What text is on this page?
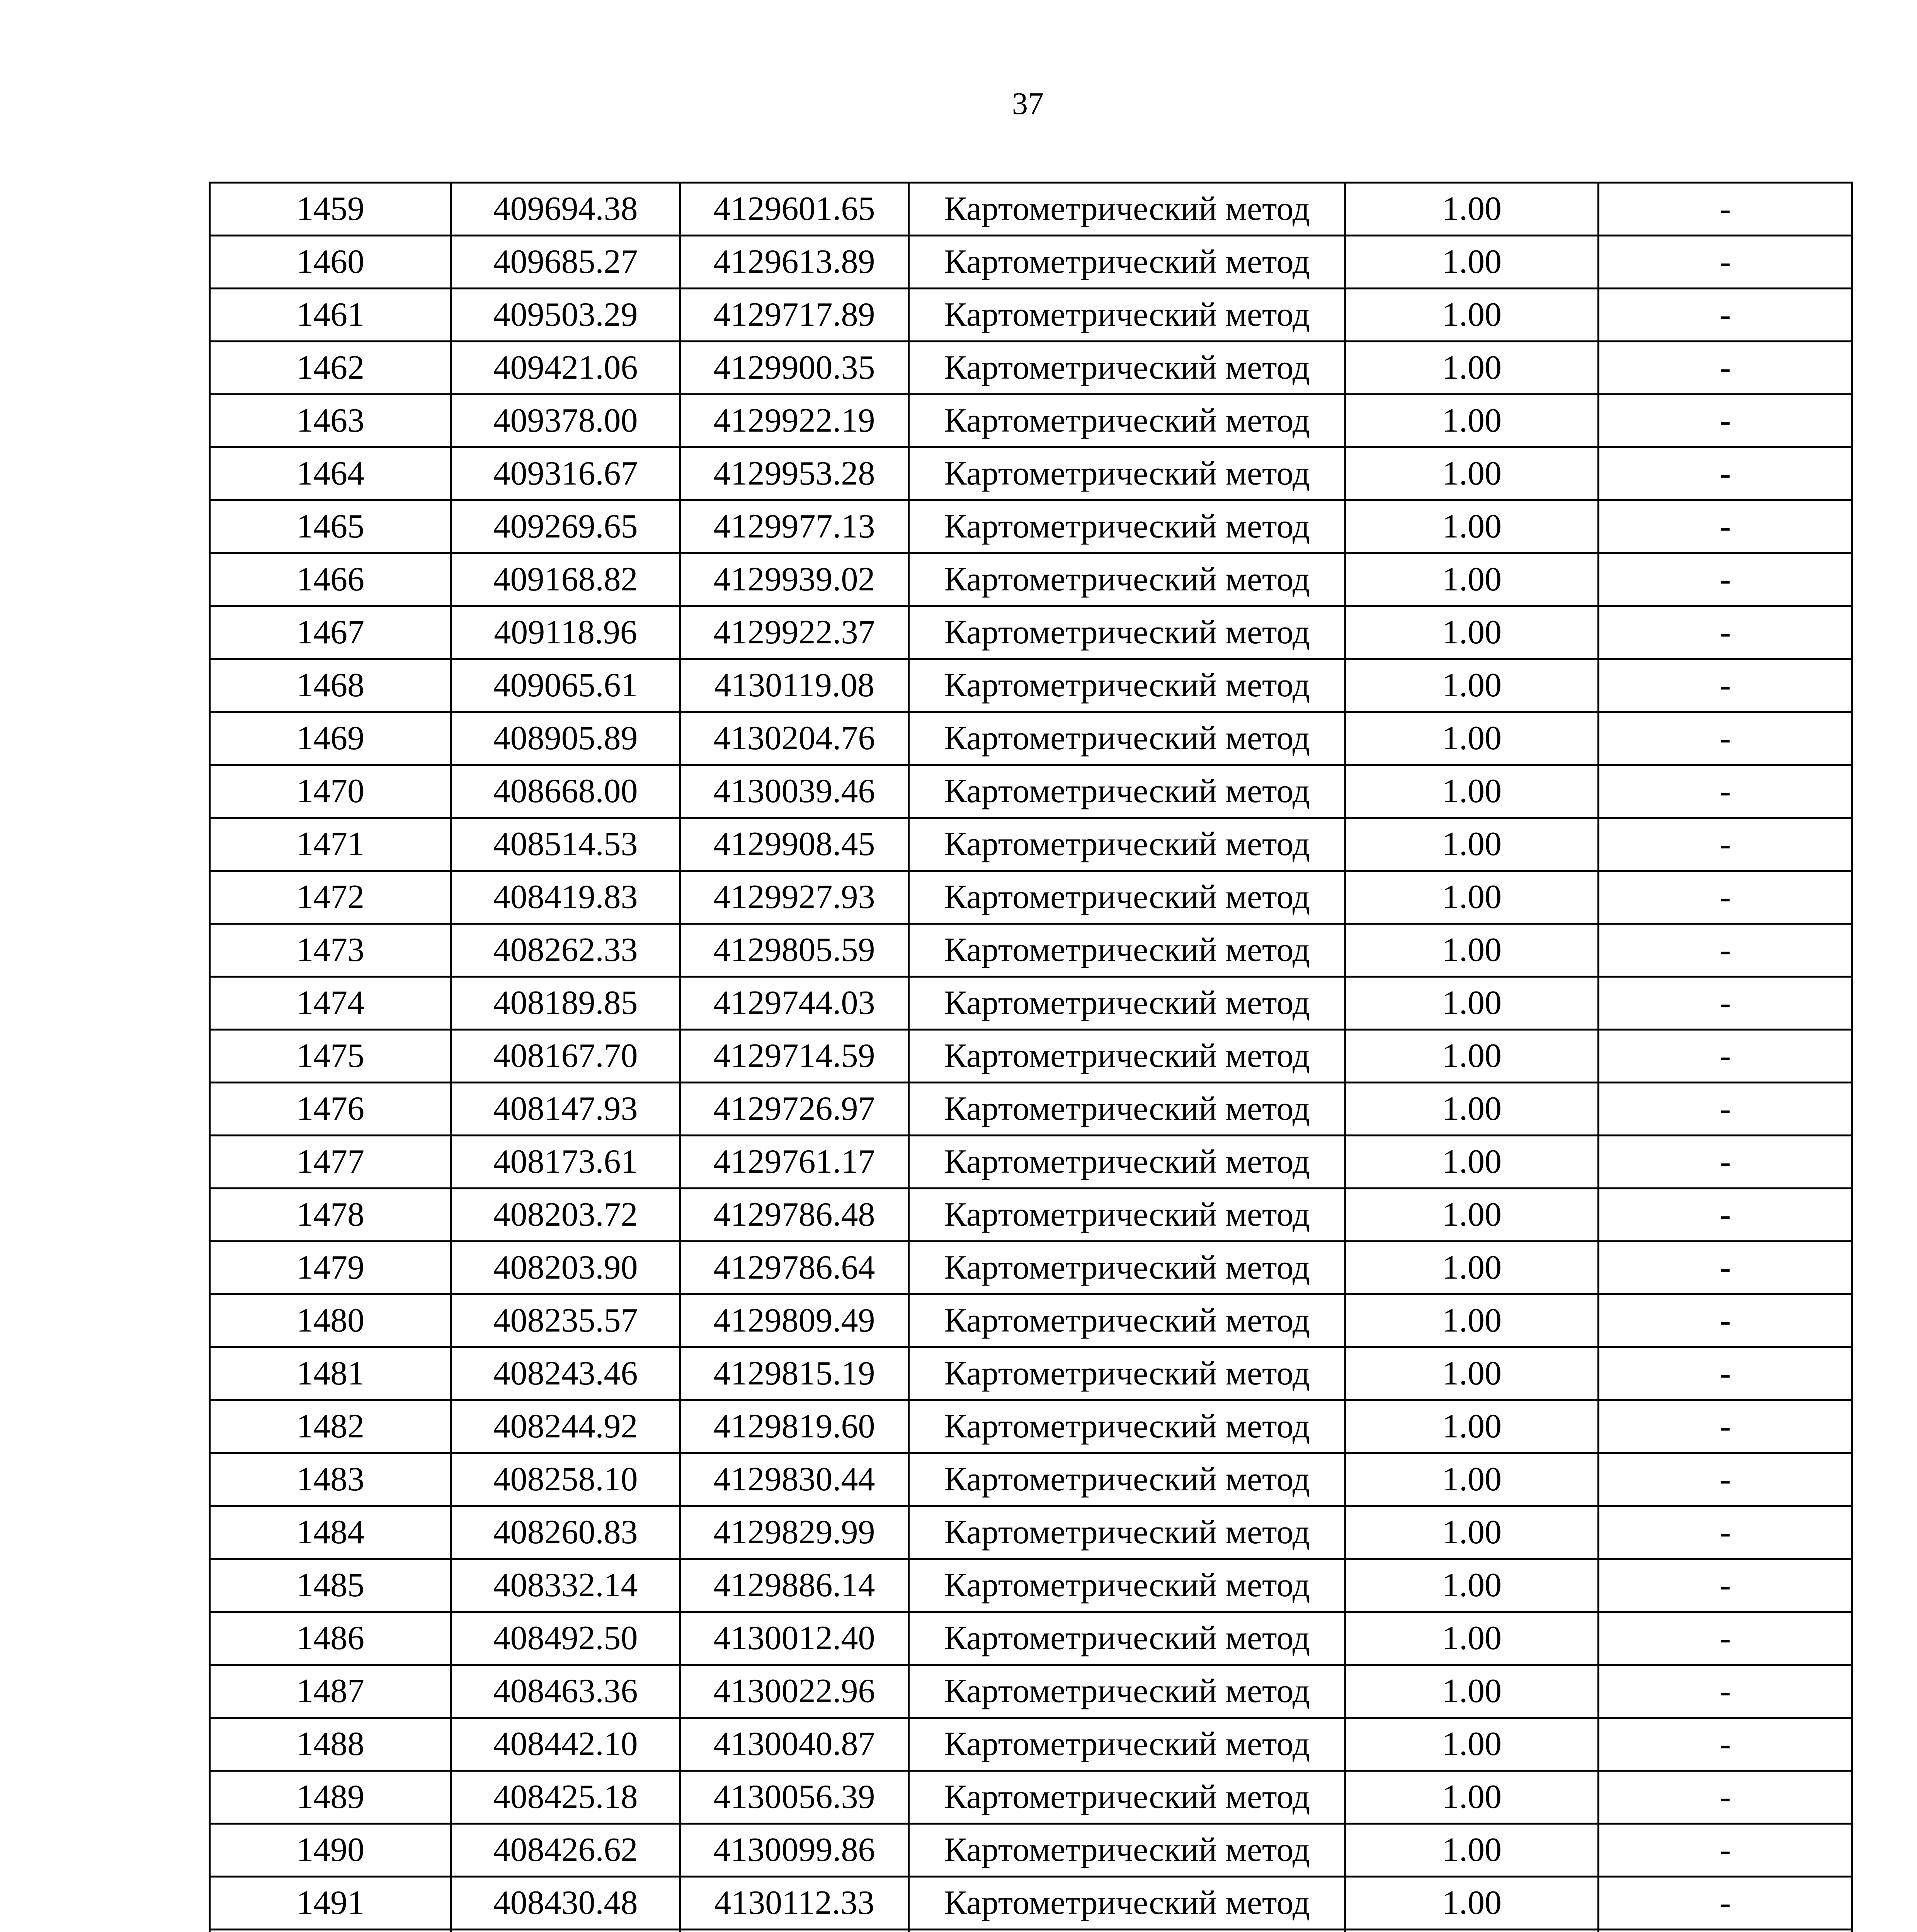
37
1459	409694.38	4129601.65	Картометрический метод	1.00	-
1460	409685.27	4129613.89	Картометрический метод	1.00	-
1461	409503.29	4129717.89	Картометрический метод	1.00	-
1462	409421.06	4129900.35	Картометрический метод	1.00	-
1463	409378.00	4129922.19	Картометрический метод	1.00	-
1464	409316.67	4129953.28	Картометрический метод	1.00	-
1465	409269.65	4129977.13	Картометрический метод	1.00	-
1466	409168.82	4129939.02	Картометрический метод	1.00	-
1467	409118.96	4129922.37	Картометрический метод	1.00	-
1468	409065.61	4130119.08	Картометрический метод	1.00	-
1469	408905.89	4130204.76	Картометрический метод	1.00	-
1470	408668.00	4130039.46	Картометрический метод	1.00	-
1471	408514.53	4129908.45	Картометрический метод	1.00	-
1472	408419.83	4129927.93	Картометрический метод	1.00	-
1473	408262.33	4129805.59	Картометрический метод	1.00	-
1474	408189.85	4129744.03	Картометрический метод	1.00	-
1475	408167.70	4129714.59	Картометрический метод	1.00	-
1476	408147.93	4129726.97	Картометрический метод	1.00	-
1477	408173.61	4129761.17	Картометрический метод	1.00	-
1478	408203.72	4129786.48	Картометрический метод	1.00	-
1479	408203.90	4129786.64	Картометрический метод	1.00	-
1480	408235.57	4129809.49	Картометрический метод	1.00	-
1481	408243.46	4129815.19	Картометрический метод	1.00	-
1482	408244.92	4129819.60	Картометрический метод	1.00	-
1483	408258.10	4129830.44	Картометрический метод	1.00	-
1484	408260.83	4129829.99	Картометрический метод	1.00	-
1485	408332.14	4129886.14	Картометрический метод	1.00	-
1486	408492.50	4130012.40	Картометрический метод	1.00	-
1487	408463.36	4130022.96	Картометрический метод	1.00	-
1488	408442.10	4130040.87	Картометрический метод	1.00	-
1489	408425.18	4130056.39	Картометрический метод	1.00	-
1490	408426.62	4130099.86	Картометрический метод	1.00	-
1491	408430.48	4130112.33	Картометрический метод	1.00	-
